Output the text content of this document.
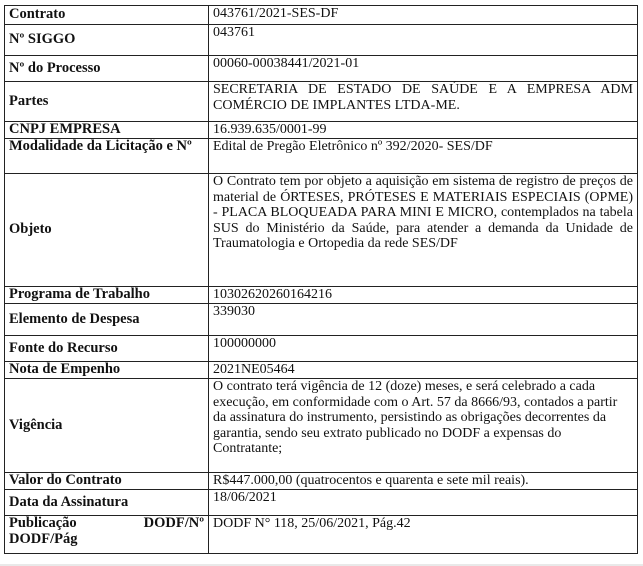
Contrato	043761/2021-SES-DF
Nº SIGGO	043761
Nº do Processo	00060-00038441/2021-01
Partes	SECRETARIA DE ESTADO DE SAÚDE E A EMPRESA ADM COMÉRCIO DE IMPLANTES LTDA-ME.
CNPJ EMPRESA	16.939.635/0001-99
Modalidade da Licitação e Nº	Edital de Pregão Eletrônico nº 392/2020- SES/DF
Objeto	O Contrato tem por objeto a aquisição em sistema de registro de preços de material de ÓRTESES, PRÓTESES E MATERIAIS ESPECIAIS (OPME) - PLACA BLOQUEADA PARA MINI E MICRO, contemplados na tabela SUS do Ministério da Saúde, para atender a demanda da Unidade de Traumatologia e Ortopedia da rede SES/DF
Programa de Trabalho	10302620260164216
Elemento de Despesa	339030
Fonte do Recurso	100000000
Nota de Empenho	2021NE05464
Vigência	O contrato terá vigência de 12 (doze) meses, e será celebrado a cada execução, em conformidade com o Art. 57 da 8666/93, contados a partir da assinatura do instrumento, persistindo as obrigações decorrentes da garantia, sendo seu extrato publicado no DODF a expensas do Contratante;
Valor do Contrato	R$447.000,00 (quatrocentos e quarenta e sete mil reais).
Data da Assinatura	18/06/2021

Publicação DODF/Nº
DODF/Pág	DODF N° 118, 25/06/2021, Pág.42
